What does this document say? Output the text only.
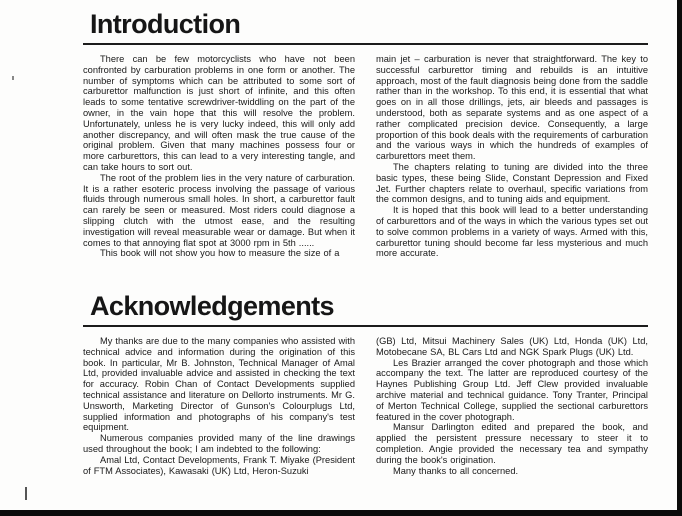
Introduction

There can be few motorcyclists who have not been confronted by carburation problems in one form or another. The number of symptoms which can be attributed to some sort of carburettor malfunction is just short of infinite, and this often leads to some tentative screwdriver-twiddling on the part of the owner, in the vain hope that this will resolve the problem. Unfortunately, unless he is very lucky indeed, this will only add another discrepancy, and will often mask the true cause of the original problem. Given that many machines possess four or more carburettors, this can lead to a very interesting tangle, and can take hours to sort out.

The root of the problem lies in the very nature of carburation. It is a rather esoteric process involving the passage of various fluids through numerous small holes. In short, a carburettor fault can rarely be seen or measured. Most riders could diagnose a slipping clutch with the utmost ease, and the resulting investigation will reveal measurable wear or damage. But when it comes to that annoying flat spot at 3000 rpm in 5th ......

This book will not show you how to measure the size of a

main jet – carburation is never that straightforward. The key to successful carburettor timing and rebuilds is an intuitive approach, most of the fault diagnosis being done from the saddle rather than in the workshop. To this end, it is essential that what goes on in all those drillings, jets, air bleeds and passages is understood, both as separate systems and as one aspect of a rather complicated precision device. Consequently, a large proportion of this book deals with the requirements of carburation and the various ways in which the hundreds of examples of carburettors meet them.

The chapters relating to tuning are divided into the three basic types, these being Slide, Constant Depression and Fixed Jet. Further chapters relate to overhaul, specific variations from the common designs, and to tuning aids and equipment.

It is hoped that this book will lead to a better understanding of carburettors and of the ways in which the various types set out to solve common problems in a variety of ways. Armed with this, carburettor tuning should become far less mysterious and much more accurate.

Acknowledgements

My thanks are due to the many companies who assisted with technical advice and information during the origination of this book. In particular, Mr B. Johnston, Technical Manager of Amal Ltd, provided invaluable advice and assisted in checking the text for accuracy. Robin Chan of Contact Developments supplied technical assistance and literature on Dellorto instruments. Mr G. Unsworth, Marketing Director of Gunson's Colourplugs Ltd, supplied information and photographs of his company's test equipment.

Numerous companies provided many of the line drawings used throughout the book; I am indebted to the following:

Amal Ltd, Contact Developments, Frank T. Miyake (President of FTM Associates), Kawasaki (UK) Ltd, Heron-Suzuki

(GB) Ltd, Mitsui Machinery Sales (UK) Ltd, Honda (UK) Ltd, Motobecane SA, BL Cars Ltd and NGK Spark Plugs (UK) Ltd.

Les Brazier arranged the cover photograph and those which accompany the text. The latter are reproduced courtesy of the Haynes Publishing Group Ltd. Jeff Clew provided invaluable archive material and technical guidance. Tony Tranter, Principal of Merton Technical College, supplied the sectional carburettors featured in the cover photograph.

Mansur Darlington edited and prepared the book, and applied the persistent pressure necessary to steer it to completion. Angie provided the necessary tea and sympathy during the book's origination.

Many thanks to all concerned.
